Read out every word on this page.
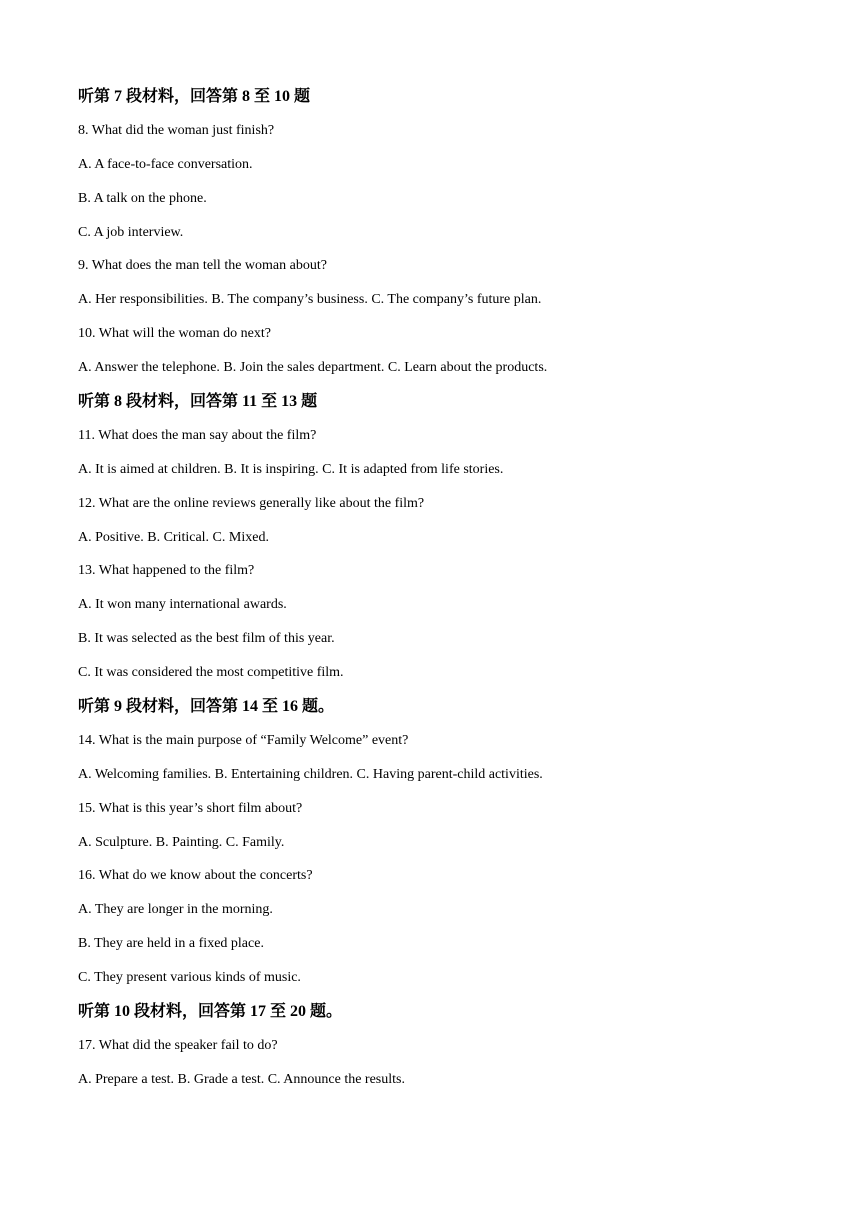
听第 7 段材料，回答第 8 至 10 题
8. What did the woman just finish?
A. A face-to-face conversation.
B. A talk on the phone.
C. A job interview.
9. What does the man tell the woman about?
A. Her responsibilities. B. The company’s business. C. The company’s future plan.
10. What will the woman do next?
A. Answer the telephone. B. Join the sales department. C. Learn about the products.
听第 8 段材料，回答第 11 至 13 题
11. What does the man say about the film?
A. It is aimed at children. B. It is inspiring. C. It is adapted from life stories.
12. What are the online reviews generally like about the film?
A. Positive. B. Critical. C. Mixed.
13. What happened to the film?
A. It won many international awards.
B. It was selected as the best film of this year.
C. It was considered the most competitive film.
听第 9 段材料，回答第 14 至 16 题。
14. What is the main purpose of “Family Welcome” event?
A. Welcoming families. B. Entertaining children. C. Having parent-child activities.
15. What is this year’s short film about?
A. Sculpture. B. Painting. C. Family.
16. What do we know about the concerts?
A. They are longer in the morning.
B. They are held in a fixed place.
C. They present various kinds of music.
听第 10 段材料，回答第 17 至 20 题。
17. What did the speaker fail to do?
A. Prepare a test. B. Grade a test. C. Announce the results.
